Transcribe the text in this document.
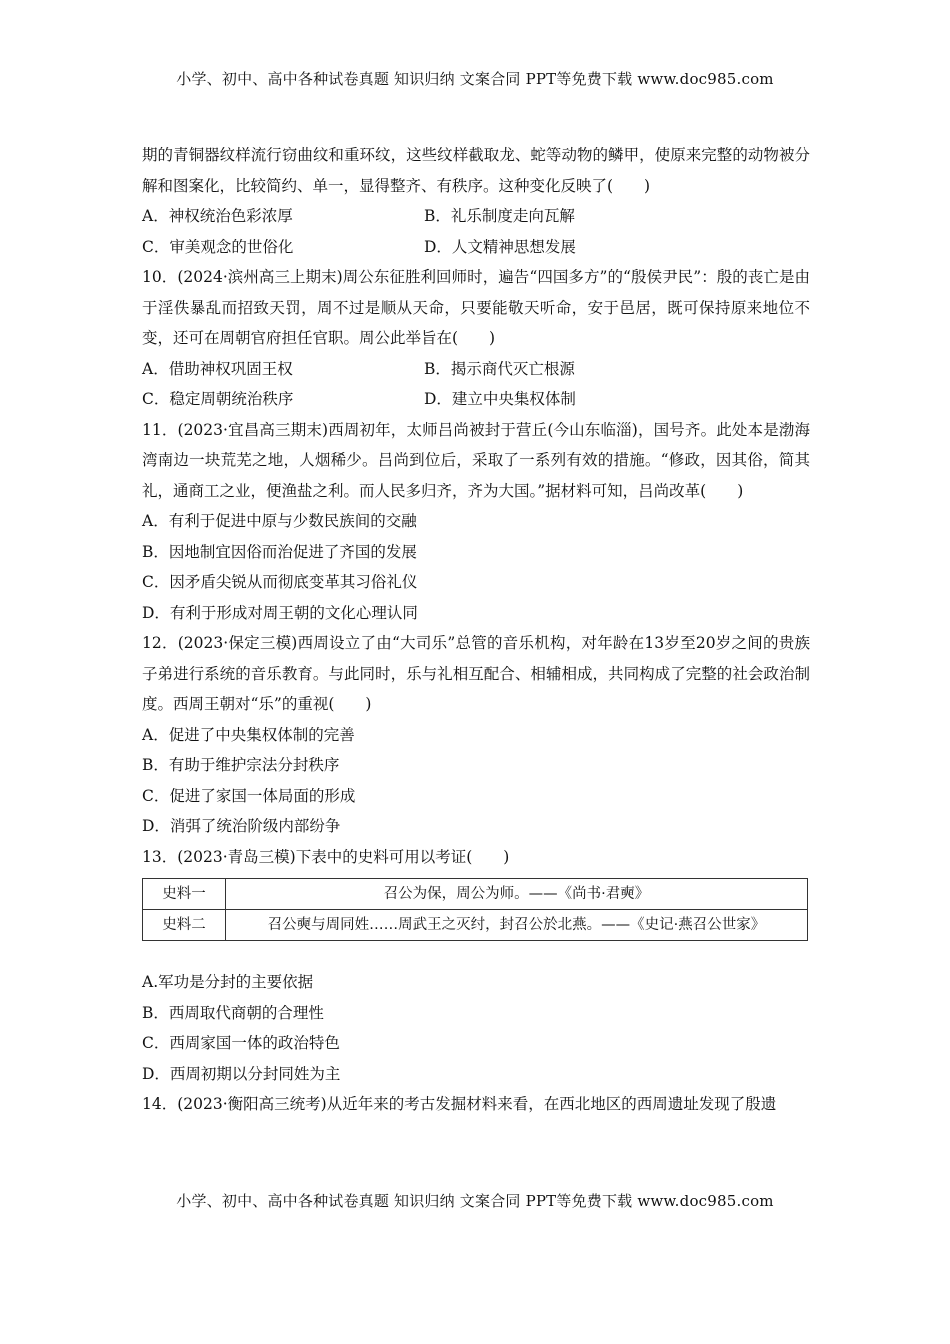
小学、初中、高中各种试卷真题 知识归纳 文案合同 PPT等免费下载 www.doc985.com

期的青铜器纹样流行窃曲纹和重环纹，这些纹样截取龙、蛇等动物的鳞甲，使原来完整的动物被分解和图案化，比较简约、单一，显得整齐、有秩序。这种变化反映了(　　)

A．神权统治色彩浓厚	B．礼乐制度走向瓦解
C．审美观念的世俗化	D．人文精神思想发展

10．(2024·滨州高三上期末)周公东征胜利回师时，遍告“四国多方”的“殷侯尹民”：殷的丧亡是由于淫佚暴乱而招致天罚，周不过是顺从天命，只要能敬天听命，安于邑居，既可保持原来地位不变，还可在周朝官府担任官职。周公此举旨在(　　)

A．借助神权巩固王权	B．揭示商代灭亡根源
C．稳定周朝统治秩序	D．建立中央集权体制

11．(2023·宜昌高三期末)西周初年，太师吕尚被封于营丘(今山东临淄)，国号齐。此处本是渤海湾南边一块荒芜之地，人烟稀少。吕尚到位后，采取了一系列有效的措施。“修政，因其俗，简其礼，通商工之业，便渔盐之利。而人民多归齐，齐为大国。”据材料可知，吕尚改革(　　)

A．有利于促进中原与少数民族间的交融
B．因地制宜因俗而治促进了齐国的发展
C．因矛盾尖锐从而彻底变革其习俗礼仪
D．有利于形成对周王朝的文化心理认同

12．(2023·保定三模)西周设立了由“大司乐”总管的音乐机构，对年龄在13岁至20岁之间的贵族子弟进行系统的音乐教育。与此同时，乐与礼相互配合、相辅相成，共同构成了完整的社会政治制度。西周王朝对“乐”的重视(　　)

A．促进了中央集权体制的完善
B．有助于维护宗法分封秩序
C．促进了家国一体局面的形成
D．消弭了统治阶级内部纷争

13．(2023·青岛三模)下表中的史料可用以考证(　　)

史料一	召公为保，周公为师。——《尚书·君奭》
史料二	召公奭与周同姓……周武王之灭纣，封召公於北燕。——《史记·燕召公世家》
A.军功是分封的主要依据
B．西周取代商朝的合理性
C．西周家国一体的政治特色
D．西周初期以分封同姓为主

14．(2023·衡阳高三统考)从近年来的考古发掘材料来看，在西北地区的西周遗址发现了殷遗

小学、初中、高中各种试卷真题 知识归纳 文案合同 PPT等免费下载 www.doc985.com
